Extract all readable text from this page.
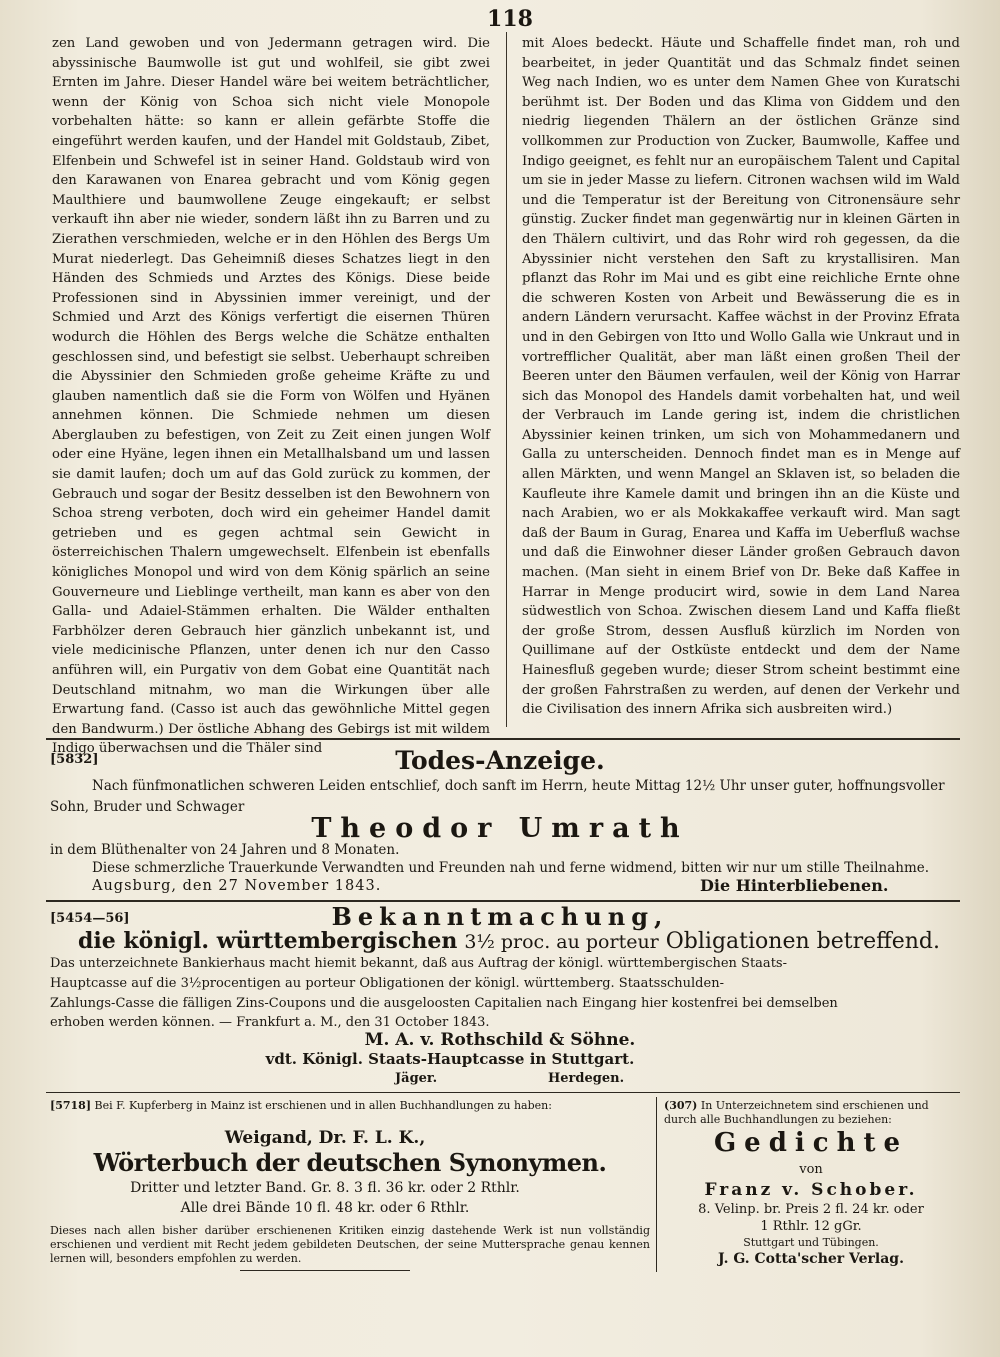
118

zen Land gewoben und von Jedermann getragen wird. Die abyssinische Baumwolle ist gut und wohlfeil, sie gibt zwei Ernten im Jahre. Dieser Handel wäre bei weitem beträchtlicher, wenn der König von Schoa sich nicht viele Monopole vorbehalten hätte: so kann er allein gefärbte Stoffe die eingeführt werden kaufen, und der Handel mit Goldstaub, Zibet, Elfenbein und Schwefel ist in seiner Hand. Goldstaub wird von den Karawanen von Enarea gebracht und vom König gegen Maulthiere und baumwollene Zeuge eingekauft; er selbst verkauft ihn aber nie wieder, sondern läßt ihn zu Barren und zu Zierathen verschmieden, welche er in den Höhlen des Bergs Um Murat niederlegt. Das Geheimniß dieses Schatzes liegt in den Händen des Schmieds und Arztes des Königs. Diese beide Professionen sind in Abyssinien immer vereinigt, und der Schmied und Arzt des Königs verfertigt die eisernen Thüren wodurch die Höhlen des Bergs welche die Schätze enthalten geschlossen sind, und befestigt sie selbst. Ueberhaupt schreiben die Abyssinier den Schmieden große geheime Kräfte zu und glauben namentlich daß sie die Form von Wölfen und Hyänen annehmen können. Die Schmiede nehmen um diesen Aberglauben zu befestigen, von Zeit zu Zeit einen jungen Wolf oder eine Hyäne, legen ihnen ein Metallhalsband um und lassen sie damit laufen; doch um auf das Gold zurück zu kommen, der Gebrauch und sogar der Besitz desselben ist den Bewohnern von Schoa streng verboten, doch wird ein geheimer Handel damit getrieben und es gegen achtmal sein Gewicht in österreichischen Thalern umgewechselt. Elfenbein ist ebenfalls königliches Monopol und wird von dem König spärlich an seine Gouverneure und Lieblinge vertheilt, man kann es aber von den Galla- und Adaiel-Stämmen erhalten. Die Wälder enthalten Farbhölzer deren Gebrauch hier gänzlich unbekannt ist, und viele medicinische Pflanzen, unter denen ich nur den Casso anführen will, ein Purgativ von dem Gobat eine Quantität nach Deutschland mitnahm, wo man die Wirkungen über alle Erwartung fand. (Casso ist auch das gewöhnliche Mittel gegen den Bandwurm.) Der östliche Abhang des Gebirgs ist mit wildem Indigo überwachsen und die Thäler sind

mit Aloes bedeckt. Häute und Schaffelle findet man, roh und bearbeitet, in jeder Quantität und das Schmalz findet seinen Weg nach Indien, wo es unter dem Namen Ghee von Kuratschi berühmt ist. Der Boden und das Klima von Giddem und den niedrig liegenden Thälern an der östlichen Gränze sind vollkommen zur Production von Zucker, Baumwolle, Kaffee und Indigo geeignet, es fehlt nur an europäischem Talent und Capital um sie in jeder Masse zu liefern. Citronen wachsen wild im Wald und die Temperatur ist der Bereitung von Citronensäure sehr günstig. Zucker findet man gegenwärtig nur in kleinen Gärten in den Thälern cultivirt, und das Rohr wird roh gegessen, da die Abyssinier nicht verstehen den Saft zu krystallisiren. Man pflanzt das Rohr im Mai und es gibt eine reichliche Ernte ohne die schweren Kosten von Arbeit und Bewässerung die es in andern Ländern verursacht. Kaffee wächst in der Provinz Efrata und in den Gebirgen von Itto und Wollo Galla wie Unkraut und in vortrefflicher Qualität, aber man läßt einen großen Theil der Beeren unter den Bäumen verfaulen, weil der König von Harrar sich das Monopol des Handels damit vorbehalten hat, und weil der Verbrauch im Lande gering ist, indem die christlichen Abyssinier keinen trinken, um sich von Mohammedanern und Galla zu unterscheiden. Dennoch findet man es in Menge auf allen Märkten, und wenn Mangel an Sklaven ist, so beladen die Kaufleute ihre Kamele damit und bringen ihn an die Küste und nach Arabien, wo er als Mokkakaffee verkauft wird. Man sagt daß der Baum in Gurag, Enarea und Kaffa im Ueberfluß wachse und daß die Einwohner dieser Länder großen Gebrauch davon machen. (Man sieht in einem Brief von Dr. Beke daß Kaffee in Harrar in Menge producirt wird, sowie in dem Land Narea südwestlich von Schoa. Zwischen diesem Land und Kaffa fließt der große Strom, dessen Ausfluß kürzlich im Norden von Quillimane auf der Ostküste entdeckt und dem der Name Hainesfluß gegeben wurde; dieser Strom scheint bestimmt eine der großen Fahrstraßen zu werden, auf denen der Verkehr und die Civilisation des innern Afrika sich ausbreiten wird.)

[5832]	Todes-Anzeige.
Nach fünfmonatlichen schweren Leiden entschlief, doch sanft im Herrn, heute Mittag 12½ Uhr unser guter, hoffnungsvoller
Sohn, Bruder und Schwager
Theodor Umrath
in dem Blüthenalter von 24 Jahren und 8 Monaten.
Diese schmerzliche Trauerkunde Verwandten und Freunden nah und ferne widmend, bitten wir nur um stille Theilnahme.
Augsburg, den 27 November 1843.	Die Hinterbliebenen.
[5454—56]	Bekanntmachung,
die königl. württembergischen 3½ proc. au porteur Obligationen betreffend.
Das unterzeichnete Bankierhaus macht hiemit bekannt, daß aus Auftrag der königl. württembergischen Staats-
Hauptcasse auf die 3½procentigen au porteur Obligationen der königl. württemberg. Staatsschulden-
Zahlungs-Casse die fälligen Zins-Coupons und die ausgeloosten Capitalien nach Eingang hier kostenfrei bei demselben
erhoben werden können. — Frankfurt a. M., den 31 October 1843.
M. A. v. Rothschild & Söhne.
vdt. Königl. Staats-Hauptcasse in Stuttgart.
Jäger.	Herdegen.
[5718] Bei F. Kupferberg in Mainz ist erschienen und in allen Buchhandlungen zu haben:
Weigand, Dr. F. L. K.,
Wörterbuch der deutschen Synonymen.
Dritter und letzter Band. Gr. 8. 3 fl. 36 kr. oder 2 Rthlr.
Alle drei Bände 10 fl. 48 kr. oder 6 Rthlr.
Dieses nach allen bisher darüber erschienenen Kritiken einzig dastehende Werk ist nun vollständig erschienen und verdient mit Recht jedem gebildeten Deutschen, der seine Muttersprache genau kennen lernen will, besonders empfohlen zu werden.
(307) In Unterzeichnetem sind erschienen und durch alle Buchhandlungen zu beziehen:
Gedichte
von
Franz v. Schober.
8. Velinp. br. Preis 2 fl. 24 kr. oder
1 Rthlr. 12 gGr.
Stuttgart und Tübingen.
J. G. Cotta'scher Verlag.
